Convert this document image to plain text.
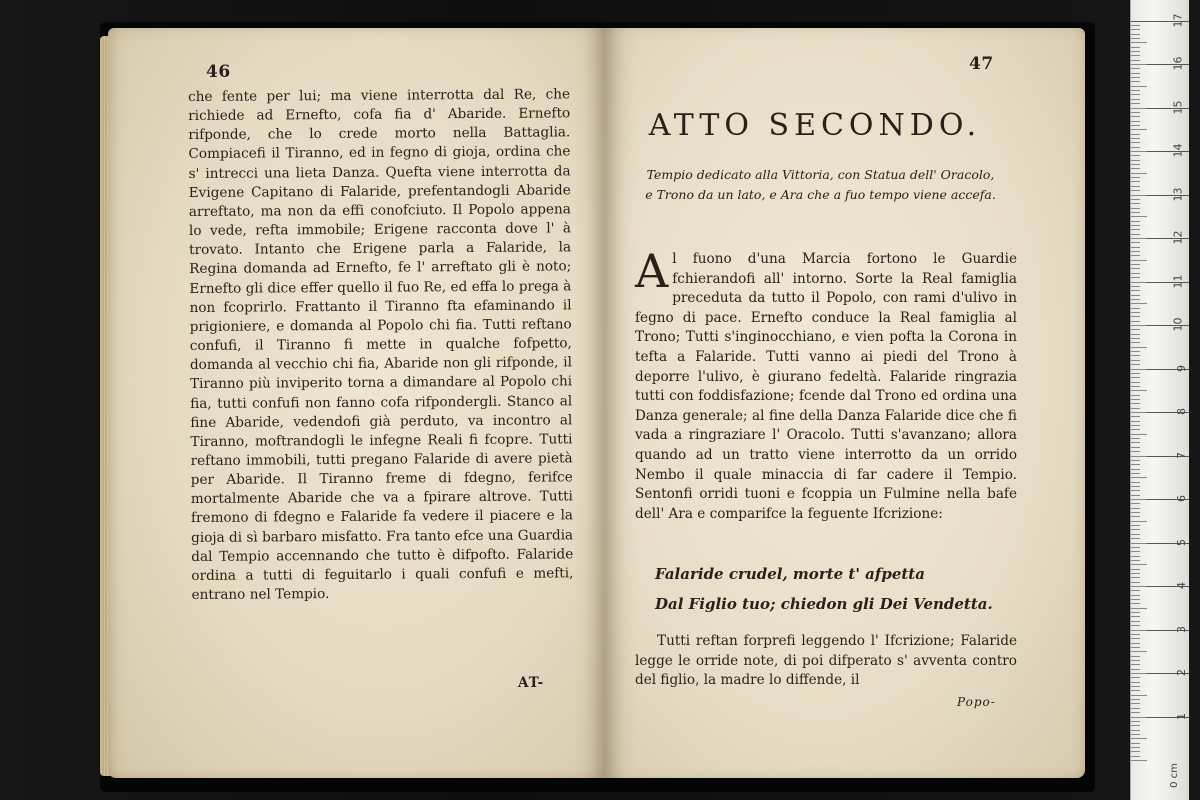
46
che fente per lui; ma viene interrotta dal Re, che richiede ad Ernefto, cofa fia d' Abaride. Ernefto rifponde, che lo crede morto nella Battaglia. Compiacefi il Tiranno, ed in fegno di gioja, ordina che s' intrecci una lieta Danza. Quefta viene interrotta da Evigene Capitano di Falaride, prefentandogli Abaride arreftato, ma non da effi conofciuto. Il Popolo appena lo vede, refta immobile; Erigene racconta dove l' à trovato. Intanto che Erigene parla a Falaride, la Regina domanda ad Ernefto, fe l' arreftato gli è noto; Ernefto gli dice effer quello il fuo Re, ed effa lo prega à non fcoprirlo. Frattanto il Tiranno fta efaminando il prigioniere, e domanda al Popolo chi fia. Tutti reftano confufi, il Tiranno fi mette in qualche fofpetto, domanda al vecchio chi fia, Abaride non gli rifponde, il Tiranno più inviperito torna a dimandare al Popolo chi fia, tutti confufi non fanno cofa rifpondergli. Stanco al fine Abaride, vedendofi già perduto, va incontro al Tiranno, moftrandogli le infegne Reali fi fcopre. Tutti reftano immobili, tutti pregano Falaride di avere pietà per Abaride. Il Tiranno freme di fdegno, ferifce mortalmente Abaride che va a fpirare altrove. Tutti fremono di fdegno e Falaride fa vedere il piacere e la gioja di sì barbaro misfatto. Fra tanto efce una Guardia dal Tempio accennando che tutto è difpofto. Falaride ordina a tutti di feguitarlo i quali confufi e mefti, entrano nel Tempio.
AT-
47
ATTO SECONDO.
Tempio dedicato alla Vittoria, con Statua dell' Oracolo, e Trono da un lato, e Ara che a fuo tempo viene accefa.
Al fuono d'una Marcia fortono le Guardie fchierandofi all' intorno. Sorte la Real famiglia preceduta da tutto il Popolo, con rami d'ulivo in fegno di pace. Ernefto conduce la Real famiglia al Trono; Tutti s'inginocchiano, e vien pofta la Corona in tefta a Falaride. Tutti vanno ai piedi del Trono à deporre l'ulivo, è giurano fedeltà. Falaride ringrazia tutti con foddisfazione; fcende dal Trono ed ordina una Danza generale; al fine della Danza Falaride dice che fi vada a ringraziare l' Oracolo. Tutti s'avanzano; allora quando ad un tratto viene interrotto da un orrido Nembo il quale minaccia di far cadere il Tempio. Sentonfi orridi tuoni e fcoppia un Fulmine nella bafe dell' Ara e comparifce la feguente Ifcrizione:
Falaride crudel, morte t' afpetta
Dal Figlio tuo; chiedon gli Dei Vendetta.
Tutti reftan forprefi leggendo l' Ifcrizione; Falaride legge le orride note, di poi difperato s' avventa contro del figlio, la madre lo diffende, il
Popo-
0 cm
1
2
3
4
5
6
7
8
9
10
11
12
13
14
15
16
17
